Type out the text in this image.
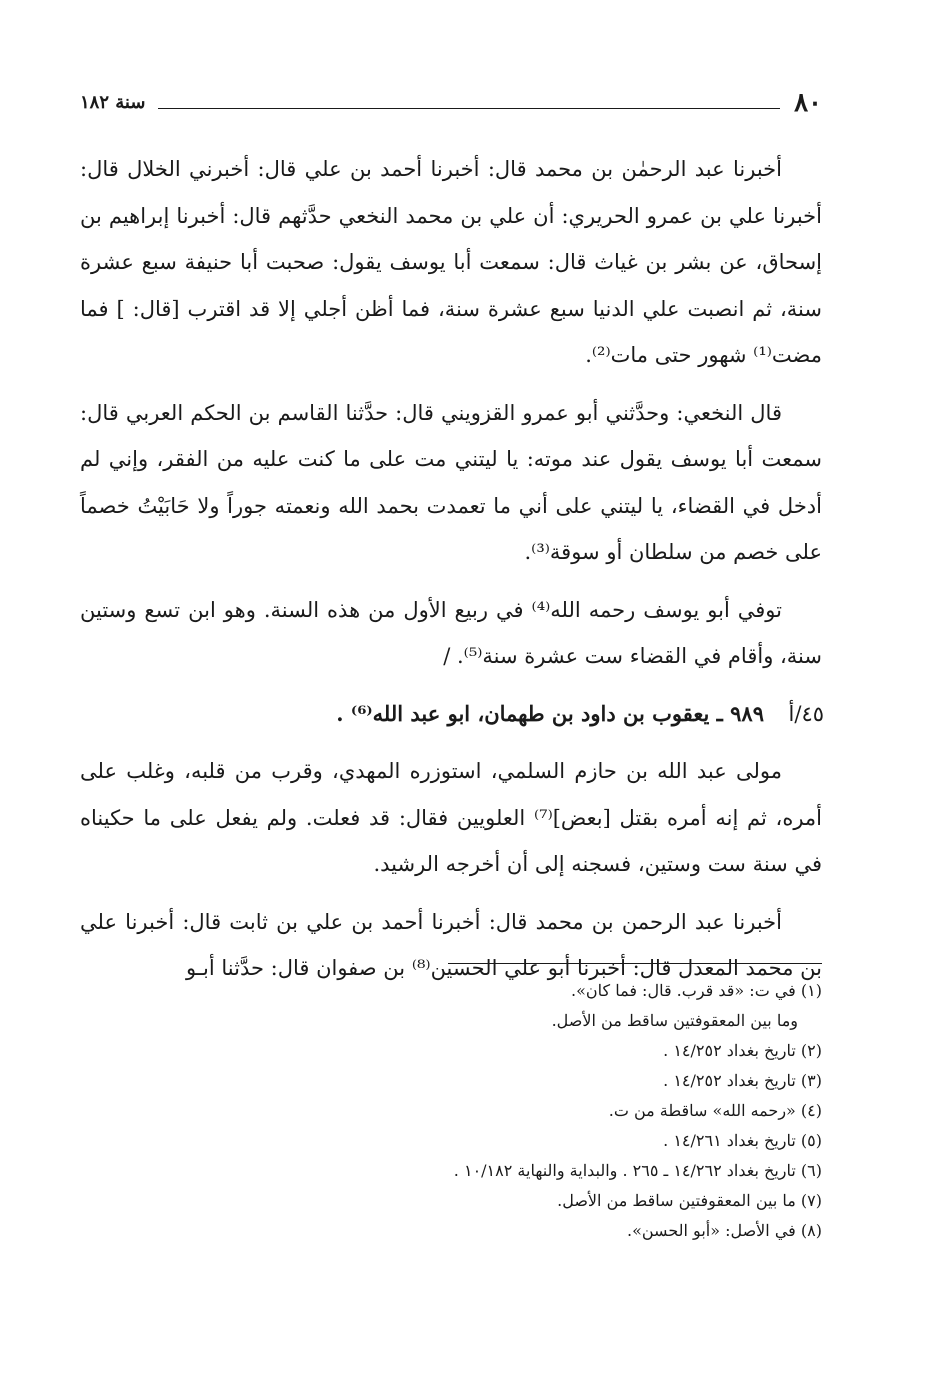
٨٠
سنة ١٨٢

أخبرنا عبد الرحمٰن بن محمد قال: أخبرنا أحمد بن علي قال: أخبرني الخلال قال: أخبرنا علي بن عمرو الحريري: أن علي بن محمد النخعي حدَّثهم قال: أخبرنا إبراهيم بن إسحاق، عن بشر بن غياث قال: سمعت أبا يوسف يقول: صحبت أبا حنيفة سبع عشرة سنة، ثم انصبت علي الدنيا سبع عشرة سنة، فما أظن أجلي إلا قد اقترب [قال: ] فما مضت⁽¹⁾ شهور حتى مات⁽²⁾.

قال النخعي: وحدَّثني أبو عمرو القزويني قال: حدَّثنا القاسم بن الحكم العربي قال: سمعت أبا يوسف يقول عند موته: يا ليتني مت على ما كنت عليه من الفقر، وإني لم أدخل في القضاء، يا ليتني على أني ما تعمدت بحمد الله ونعمته جوراً ولا حَابَيْتُ خصماً على خصم من سلطان أو سوقة⁽³⁾.

توفي أبو يوسف رحمه الله⁽⁴⁾ في ربيع الأول من هذه السنة. وهو ابن تسع وستين سنة، وأقام في القضاء ست عشرة سنة⁽⁵⁾. /

٤٥/أ
٩٨٩ ـ يعقوب بن داود بن طهمان، ابو عبد الله⁽⁶⁾ .

مولى عبد الله بن حازم السلمي، استوزره المهدي، وقرب من قلبه، وغلب على أمره، ثم إنه أمره بقتل [بعض]⁽⁷⁾ العلويين فقال: قد فعلت. ولم يفعل على ما حكيناه في سنة ست وستين، فسجنه إلى أن أخرجه الرشيد.

أخبرنا عبد الرحمن بن محمد قال: أخبرنا أحمد بن علي بن ثابت قال: أخبرنا علي بن محمد المعدل قال: أخبرنا أبو علي الحسين⁽⁸⁾ بن صفوان قال: حدَّثنا أبـو

(١) في ت: «قد قرب. قال: فما كان».
وما بين المعقوفتين ساقط من الأصل.
(٢) تاريخ بغداد ١٤/٢٥٢ .
(٣) تاريخ بغداد ١٤/٢٥٢ .
(٤) «رحمه الله» ساقطة من ت.
(٥) تاريخ بغداد ١٤/٢٦١ .
(٦) تاريخ بغداد ١٤/٢٦٢ ـ ٢٦٥ . والبداية والنهاية ١٠/١٨٢ .
(٧) ما بين المعقوفتين ساقط من الأصل.
(٨) في الأصل: «أبو الحسن».
